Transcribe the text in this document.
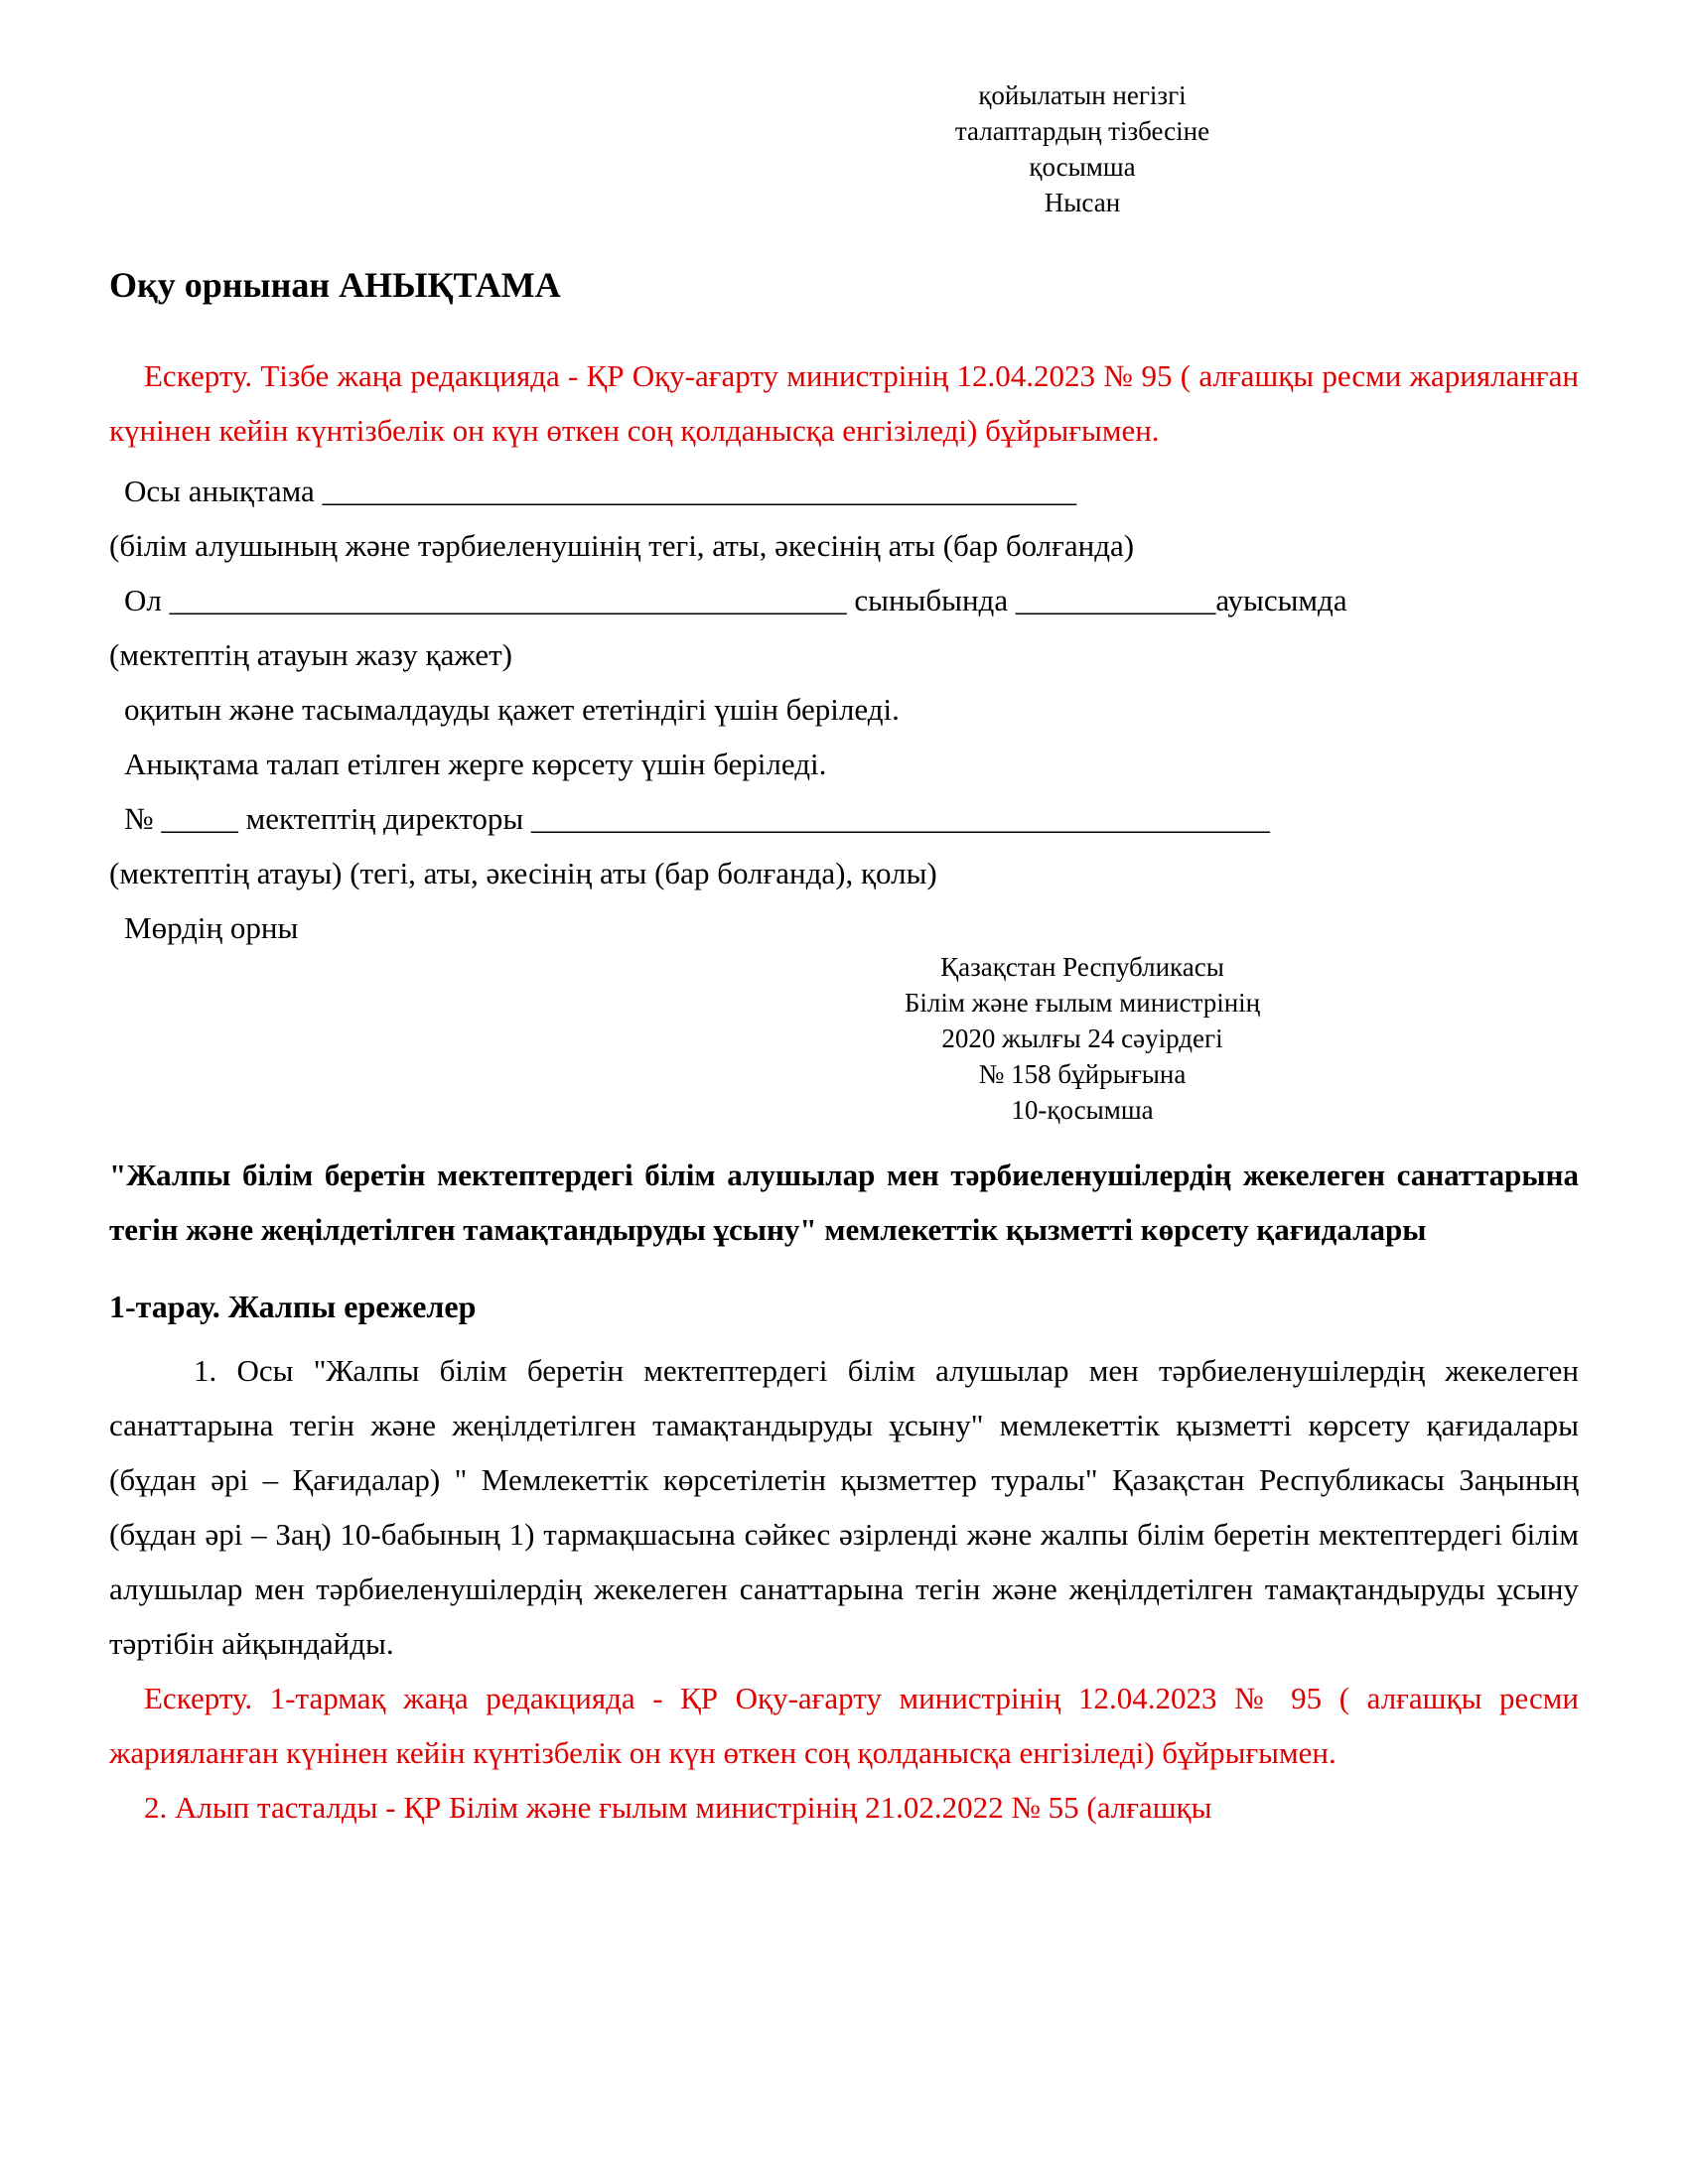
қойылатын негізгі
талаптардың тізбесіне
қосымша
Нысан
Оқу орнынан АНЫҚТАМА

Ескерту. Тізбе жаңа редакцияда - ҚР Оқу-ағарту министрінің 12.04.2023 № 95 ( алғашқы ресми жарияланған күнінен кейін күнтізбелік он күн өткен соң қолданысқа енгізіледі) бұйрығымен.

Осы анықтама _________________________________________________
(білім алушының және тәрбиеленушінің тегі, аты, әкесінің аты (бар болғанда)
Ол ____________________________________________ сыныбында _____________ауысымда
(мектептің атауын жазу қажет)
оқитын және тасымалдауды қажет ететіндігі үшін беріледі.
Анықтама талап етілген жерге көрсету үшін беріледі.
№ _____ мектептің директоры ________________________________________________
(мектептің атауы) (тегі, аты, әкесінің аты (бар болғанда), қолы)
Мөрдің орны
Қазақстан Республикасы
Білім және ғылым министрінің
2020 жылғы 24 сәуірдегі
№ 158 бұйрығына
10-қосымша

"Жалпы білім беретін мектептердегі білім алушылар мен тәрбиеленушілердің жекелеген санаттарына тегін және жеңілдетілген тамақтандыруды ұсыну" мемлекеттік қызметті көрсету қағидалары

1-тарау. Жалпы ережелер

1. Осы "Жалпы білім беретін мектептердегі білім алушылар мен тәрбиеленушілердің жекелеген санаттарына тегін және жеңілдетілген тамақтандыруды ұсыну" мемлекеттік қызметті көрсету қағидалары (бұдан әрі – Қағидалар) " Мемлекеттік көрсетілетін қызметтер туралы" Қазақстан Республикасы Заңының (бұдан әрі – Заң) 10-бабының 1) тармақшасына сәйкес әзірленді және жалпы білім беретін мектептердегі білім алушылар мен тәрбиеленушілердің жекелеген санаттарына тегін және жеңілдетілген тамақтандыруды ұсыну тәртібін айқындайды.

Ескерту. 1-тармақ жаңа редакцияда - ҚР Оқу-ағарту министрінің 12.04.2023 № 95 ( алғашқы ресми жарияланған күнінен кейін күнтізбелік он күн өткен соң қолданысқа енгізіледі) бұйрығымен.

2. Алып тасталды - ҚР Білім және ғылым министрінің 21.02.2022 № 55 (алғашқы
